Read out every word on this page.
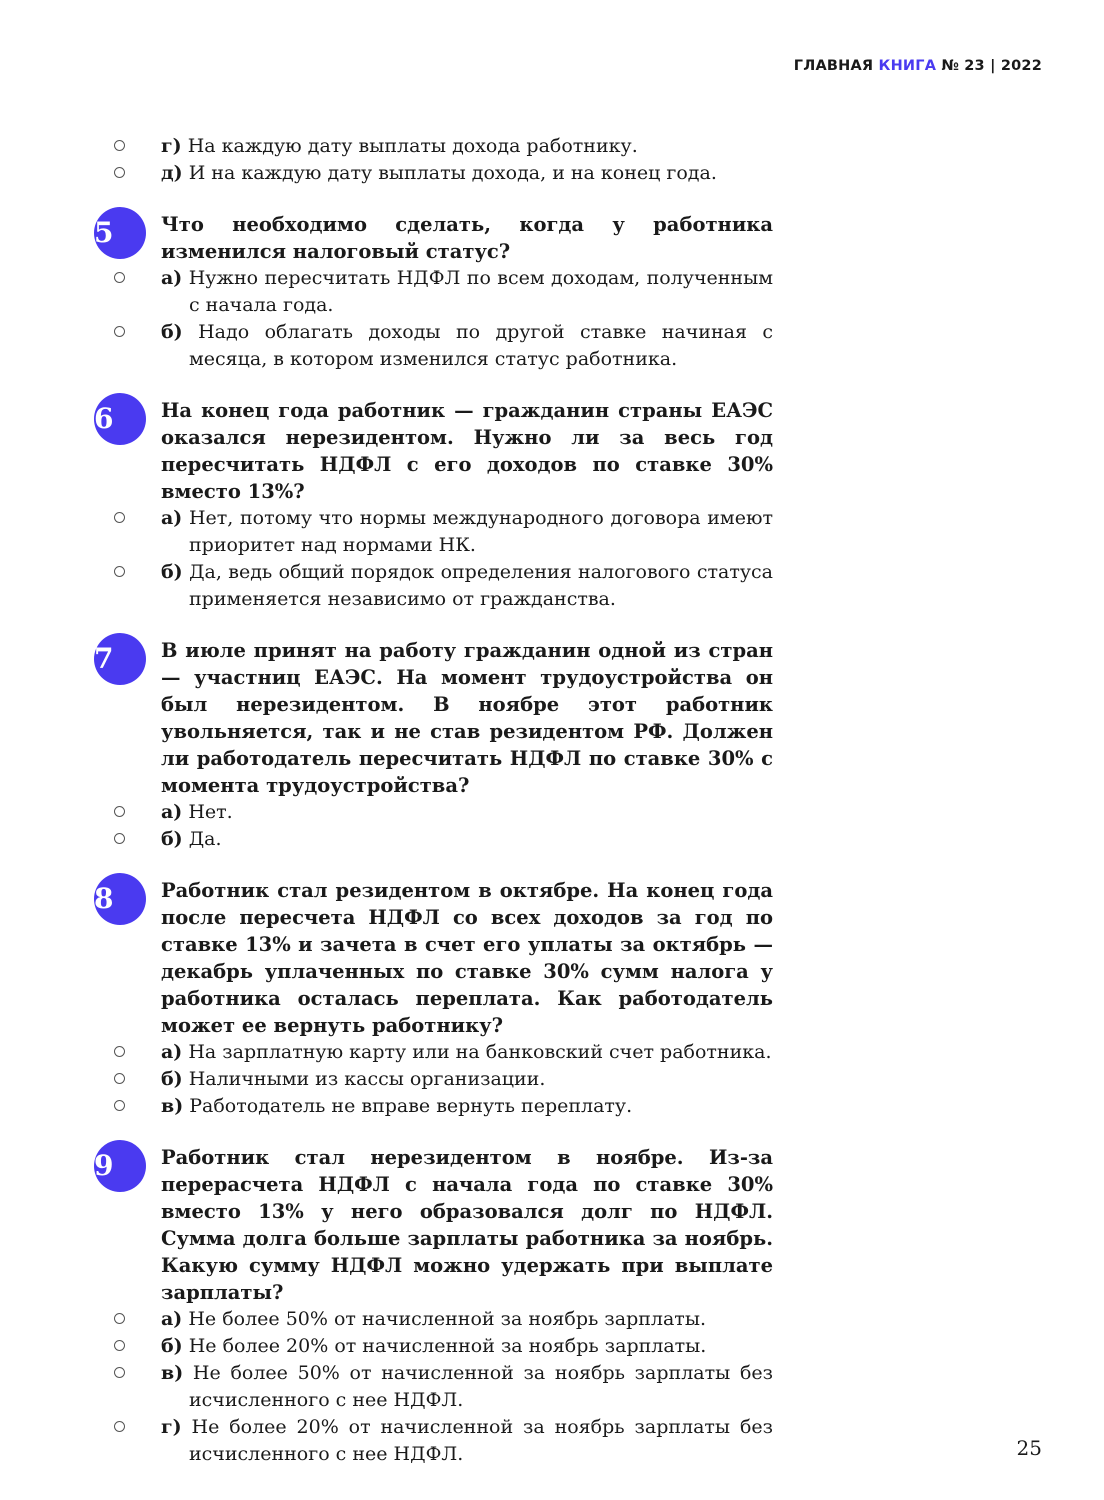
ГЛАВНАЯ КНИГА № 23 | 2022
г) На каждую дату выплаты дохода работнику.
д) И на каждую дату выплаты дохода, и на конец года.
5	Что необходимо сделать, когда у работника изменился налоговый статус?
а) Нужно пересчитать НДФЛ по всем доходам, полученным с начала года.
б) Надо облагать доходы по другой ставке начиная с месяца, в котором изменился статус работника.
6	На конец года работник — гражданин страны ЕАЭС оказался нерезидентом. Нужно ли за весь год пересчитать НДФЛ с его доходов по ставке 30% вместо 13%?
а) Нет, потому что нормы международного договора имеют приоритет над нормами НК.
б) Да, ведь общий порядок определения налогового статуса применяется независимо от гражданства.
7	В июле принят на работу гражданин одной из стран — участниц ЕАЭС. На момент трудоустройства он был нерезидентом. В ноябре этот работник увольняется, так и не став резидентом РФ. Должен ли работодатель пересчитать НДФЛ по ставке 30% с момента трудоустройства?
а) Нет.
б) Да.
8	Работник стал резидентом в октябре. На конец года после пересчета НДФЛ со всех доходов за год по ставке 13% и зачета в счет его уплаты за октябрь — декабрь уплаченных по ставке 30% сумм налога у работника осталась переплата. Как работодатель может ее вернуть работнику?
а) На зарплатную карту или на банковский счет работника.
б) Наличными из кассы организации.
в) Работодатель не вправе вернуть переплату.
9	Работник стал нерезидентом в ноябре. Из-за перерасчета НДФЛ с начала года по ставке 30% вместо 13% у него образовался долг по НДФЛ. Сумма долга больше зарплаты работника за ноябрь. Какую сумму НДФЛ можно удержать при выплате зарплаты?
а) Не более 50% от начисленной за ноябрь зарплаты.
б) Не более 20% от начисленной за ноябрь зарплаты.
в) Не более 50% от начисленной за ноябрь зарплаты без исчисленного с нее НДФЛ.
г) Не более 20% от начисленной за ноябрь зарплаты без исчисленного с нее НДФЛ.	25
